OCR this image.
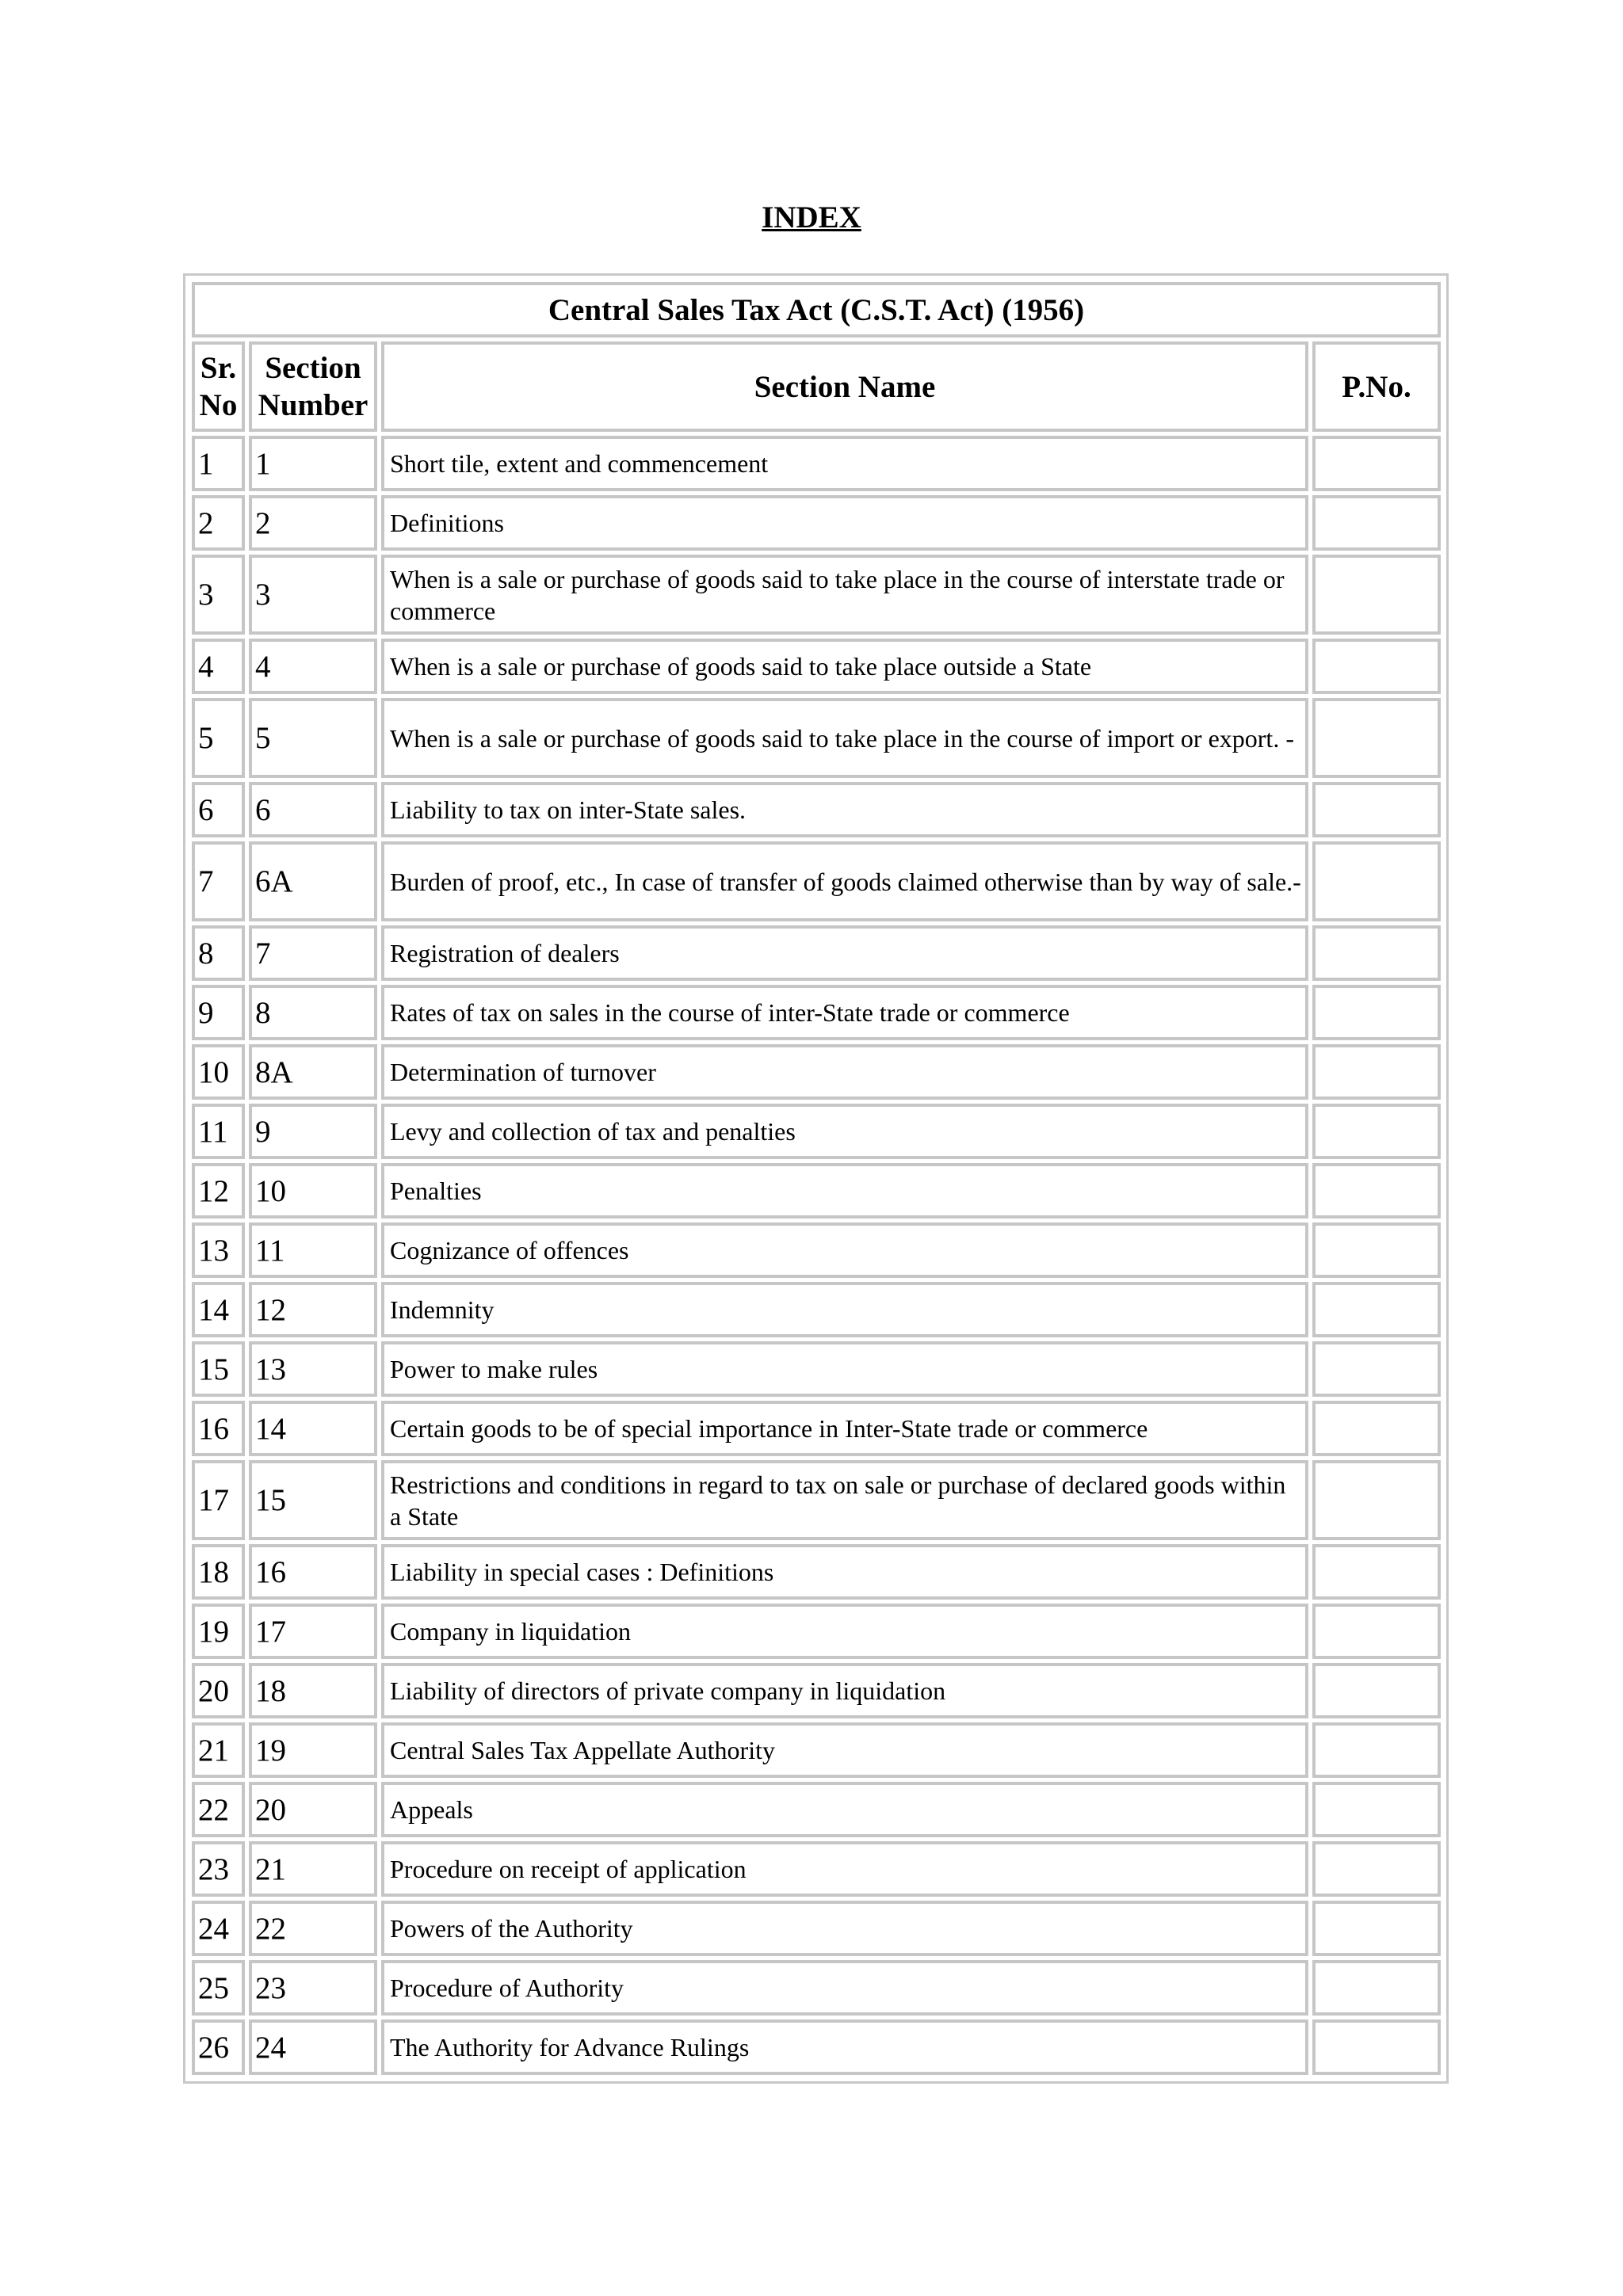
INDEX
Central Sales Tax Act (C.S.T. Act) (1956)			
Sr. No	Section Number	Section Name	P.No.
1	1	Short tile, extent and commencement	
2	2	Definitions	
3	3	When is a sale or purchase of goods said to take place in the course of interstate trade or commerce	
4	4	When is a sale or purchase of goods said to take place outside a State	
5	5	When is a sale or purchase of goods said to take place in the course of import or export. -	
6	6	Liability to tax on inter-State sales.	
7	6A	Burden of proof, etc., In case of transfer of goods claimed otherwise than by way of sale.-	
8	7	Registration of dealers	
9	8	Rates of tax on sales in the course of inter-State trade or commerce	
10	8A	Determination of turnover	
11	9	Levy and collection of tax and penalties	
12	10	Penalties	
13	11	Cognizance of offences	
14	12	Indemnity	
15	13	Power to make rules	
16	14	Certain goods to be of special importance in Inter-State trade or commerce	
17	15	Restrictions and conditions in regard to tax on sale or purchase of declared goods within a State	
18	16	Liability in special cases : Definitions	
19	17	Company in liquidation	
20	18	Liability of directors of private company in liquidation	
21	19	Central Sales Tax Appellate Authority	
22	20	Appeals	
23	21	Procedure on receipt of application	
24	22	Powers of the Authority	
25	23	Procedure of Authority	
26	24	The Authority for Advance Rulings	
